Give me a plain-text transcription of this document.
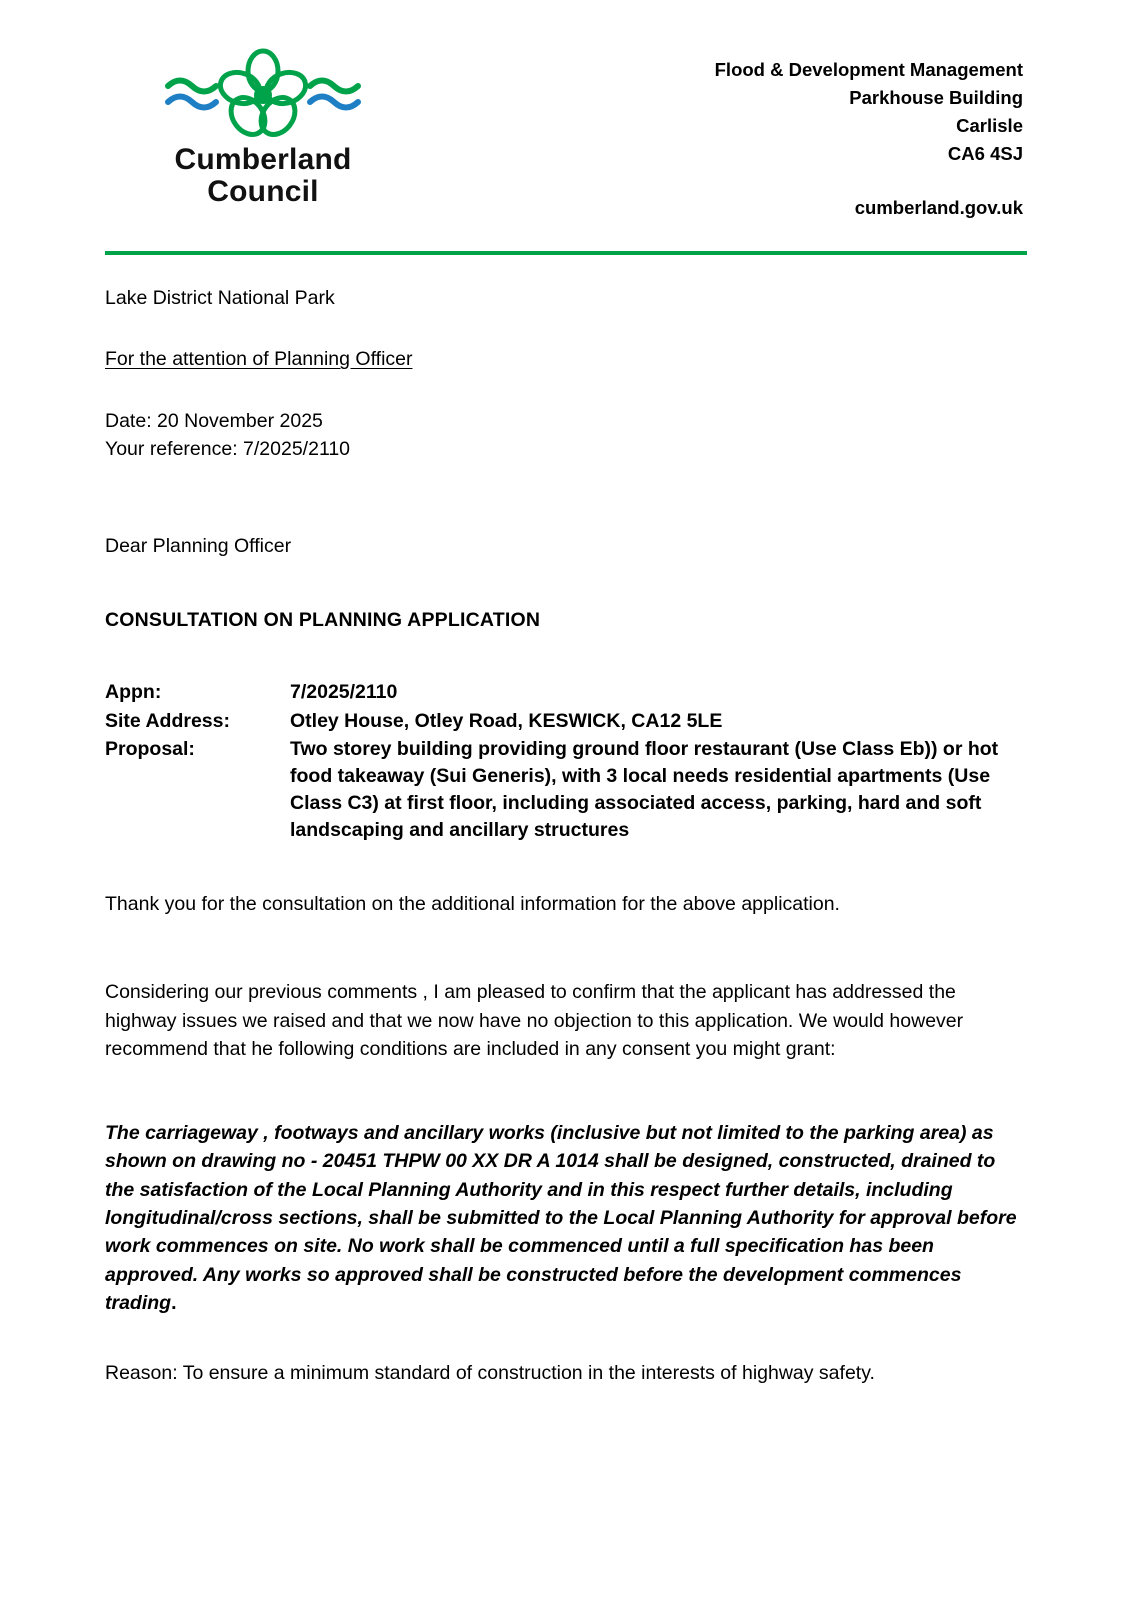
Cumberland
Council
Flood & Development Management
Parkhouse Building
Carlisle
CA6 4SJ
cumberland.gov.uk
Lake District National Park
For the attention of Planning Officer
Date: 20 November 2025
Your reference: 7/2025/2110
Dear Planning Officer
CONSULTATION ON PLANNING APPLICATION
Appn:	7/2025/2110
Site Address:	Otley House, Otley Road, KESWICK, CA12 5LE
Proposal:	Two storey building providing ground floor restaurant (Use Class Eb)) or hot food takeaway (Sui Generis), with 3 local needs residential apartments (Use Class C3) at first floor, including associated access, parking, hard and soft landscaping and ancillary structures
Thank you for the consultation on the additional information for the above application.
Considering our previous comments , I am pleased to confirm that the applicant has addressed the highway issues we raised and that we now have no objection to this application. We would however recommend that he following conditions are included in any consent you might grant:
The carriageway , footways and ancillary works (inclusive but not limited to the parking area) as shown on drawing no - 20451 THPW 00 XX DR A 1014 shall be designed, constructed, drained to the satisfaction of the Local Planning Authority and in this respect further details, including longitudinal/cross sections, shall be submitted to the Local Planning Authority for approval before work commences on site. No work shall be commenced until a full specification has been approved. Any works so approved shall be constructed before the development commences trading.
Reason: To ensure a minimum standard of construction in the interests of highway safety.
